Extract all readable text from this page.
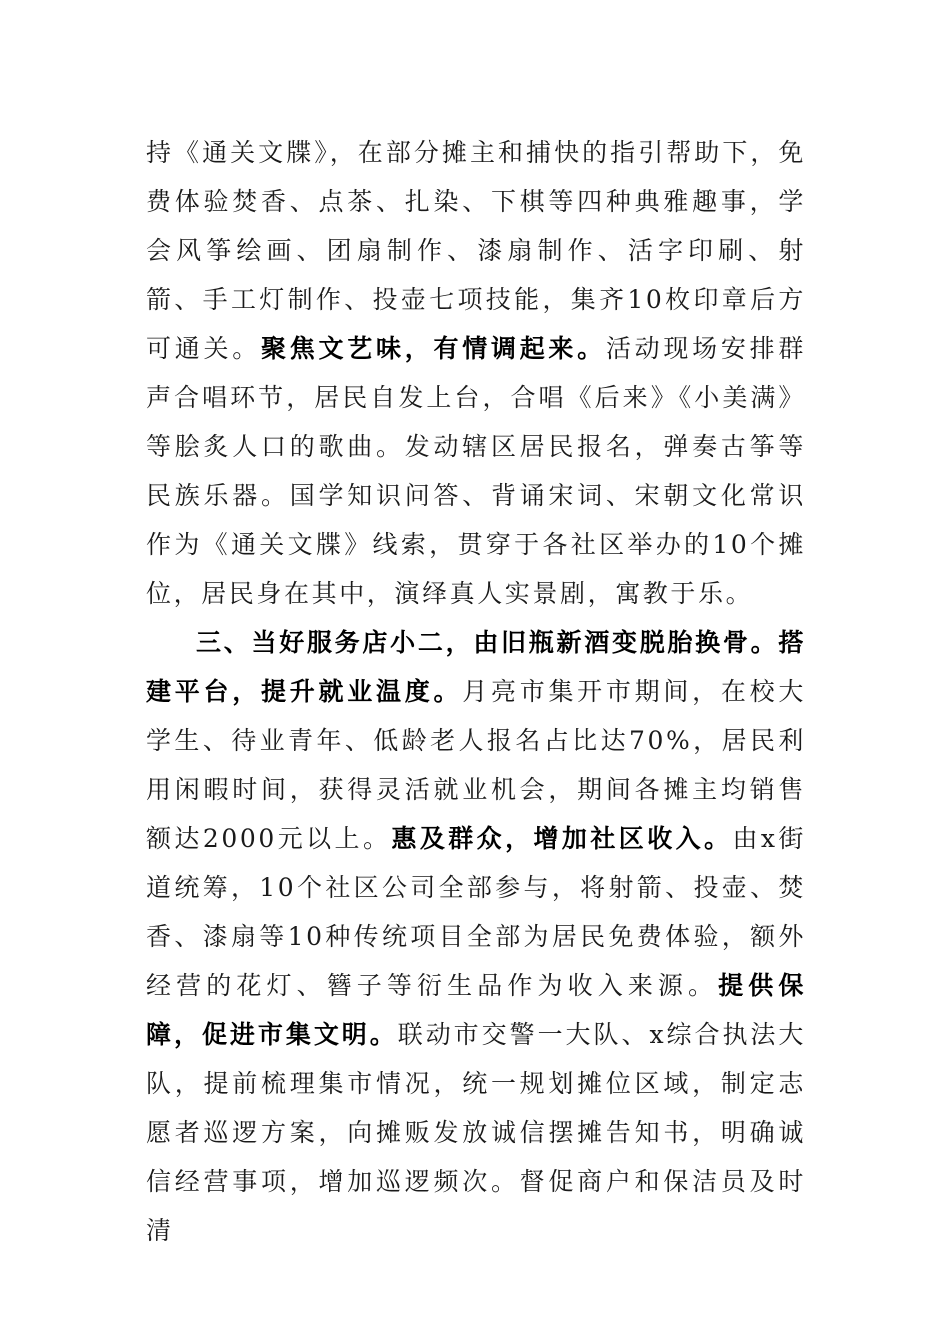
持《通关文牒》，在部分摊主和捕快的指引帮助下，免费体验焚香、点茶、扎染、下棋等四种典雅趣事，学会风筝绘画、团扇制作、漆扇制作、活字印刷、射箭、手工灯制作、投壶七项技能，集齐10枚印章后方可通关。聚焦文艺味，有情调起来。活动现场安排群声合唱环节，居民自发上台，合唱《后来》《小美满》等脍炙人口的歌曲。发动辖区居民报名，弹奏古筝等民族乐器。国学知识问答、背诵宋词、宋朝文化常识作为《通关文牒》线索，贯穿于各社区举办的10个摊位，居民身在其中，演绎真人实景剧，寓教于乐。

三、当好服务店小二，由旧瓶新酒变脱胎换骨。搭建平台，提升就业温度。月亮市集开市期间，在校大学生、待业青年、低龄老人报名占比达70%，居民利用闲暇时间，获得灵活就业机会，期间各摊主均销售额达2000元以上。惠及群众，增加社区收入。由x街道统筹，10个社区公司全部参与，将射箭、投壶、焚香、漆扇等10种传统项目全部为居民免费体验，额外经营的花灯、簪子等衍生品作为收入来源。提供保障，促进市集文明。联动市交警一大队、x综合执法大队，提前梳理集市情况，统一规划摊位区域，制定志愿者巡逻方案，向摊贩发放诚信摆摊告知书，明确诚信经营事项，增加巡逻频次。督促商户和保洁员及时清
